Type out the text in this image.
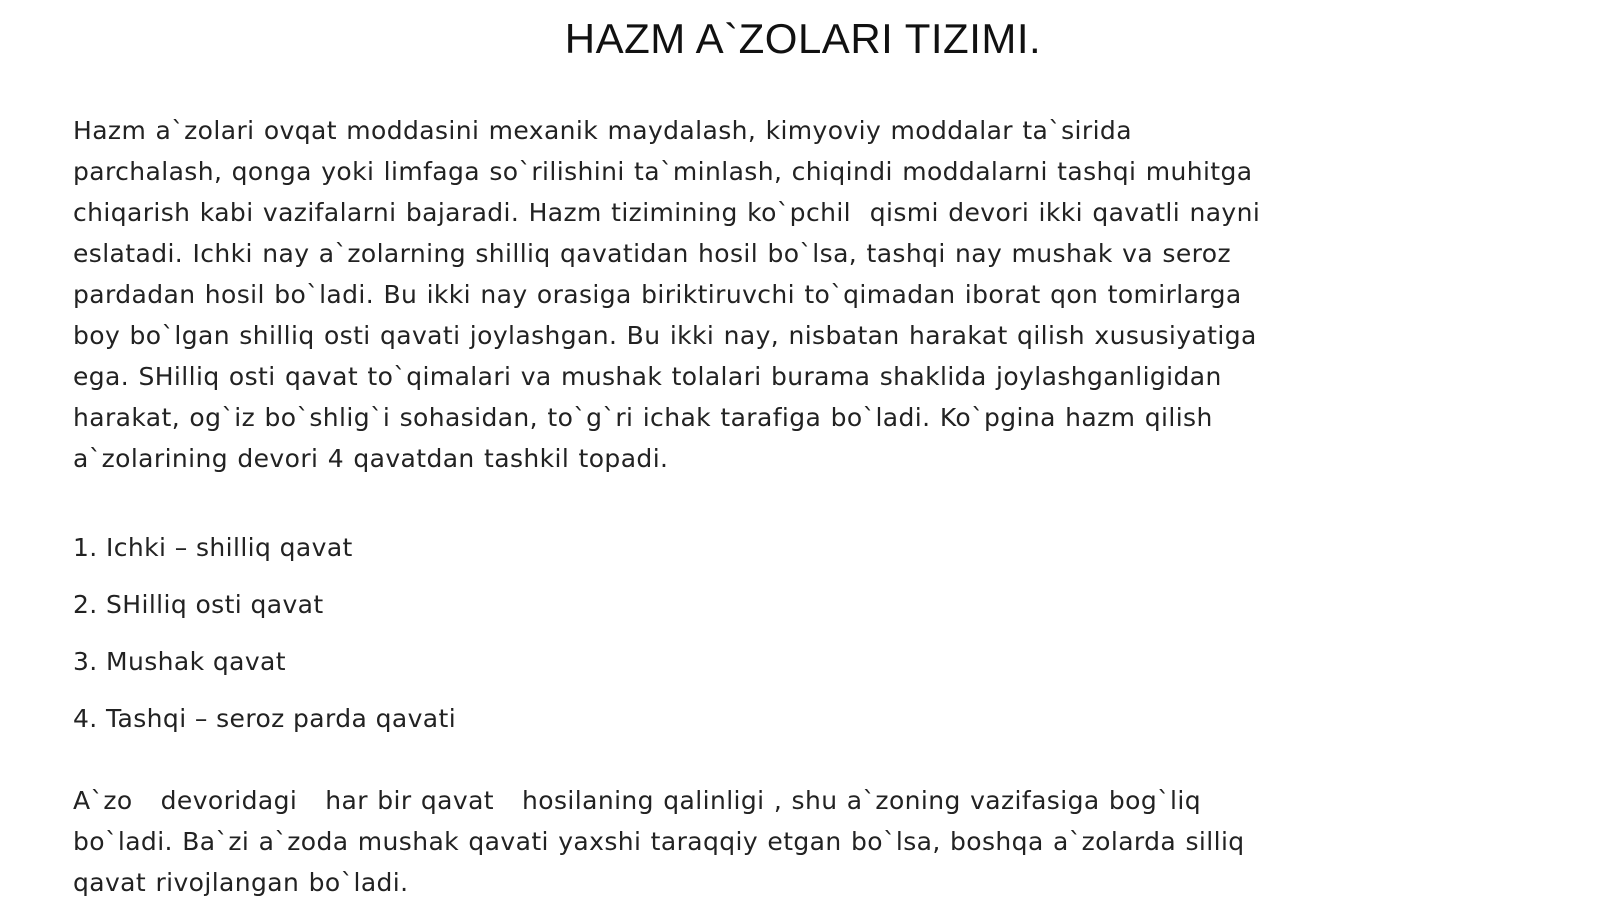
HAZM A`ZOLARI TIZIMI.

Hazm a`zolari ovqat moddasini mexanik maydalash, kimyoviy moddalar ta`sirida
parchalash, qonga yoki limfaga so`rilishini ta`minlash, chiqindi moddalarni tashqi muhitga
chiqarish kabi vazifalarni bajaradi. Hazm tizimining ko`pchil  qismi devori ikki qavatli nayni
eslatadi. Ichki nay a`zolarning shilliq qavatidan hosil bo`lsa, tashqi nay mushak va seroz
pardadan hosil bo`ladi. Bu ikki nay orasiga biriktiruvchi to`qimadan iborat qon tomirlarga
boy bo`lgan shilliq osti qavati joylashgan. Bu ikki nay, nisbatan harakat qilish xususiyatiga
ega. SHilliq osti qavat to`qimalari va mushak tolalari burama shaklida joylashganligidan
harakat, og`iz bo`shlig`i sohasidan, to`g`ri ichak tarafiga bo`ladi. Ko`pgina hazm qilish
a`zolarining devori 4 qavatdan tashkil topadi.

1. Ichki – shilliq qavat
2. SHilliq osti qavat
3. Mushak qavat
4. Tashqi – seroz parda qavati

A`zo   devoridagi   har bir qavat   hosilaning qalinligi , shu a`zoning vazifasiga bog`liq
bo`ladi. Ba`zi a`zoda mushak qavati yaxshi taraqqiy etgan bo`lsa, boshqa a`zolarda silliq
qavat rivojlangan bo`ladi.
